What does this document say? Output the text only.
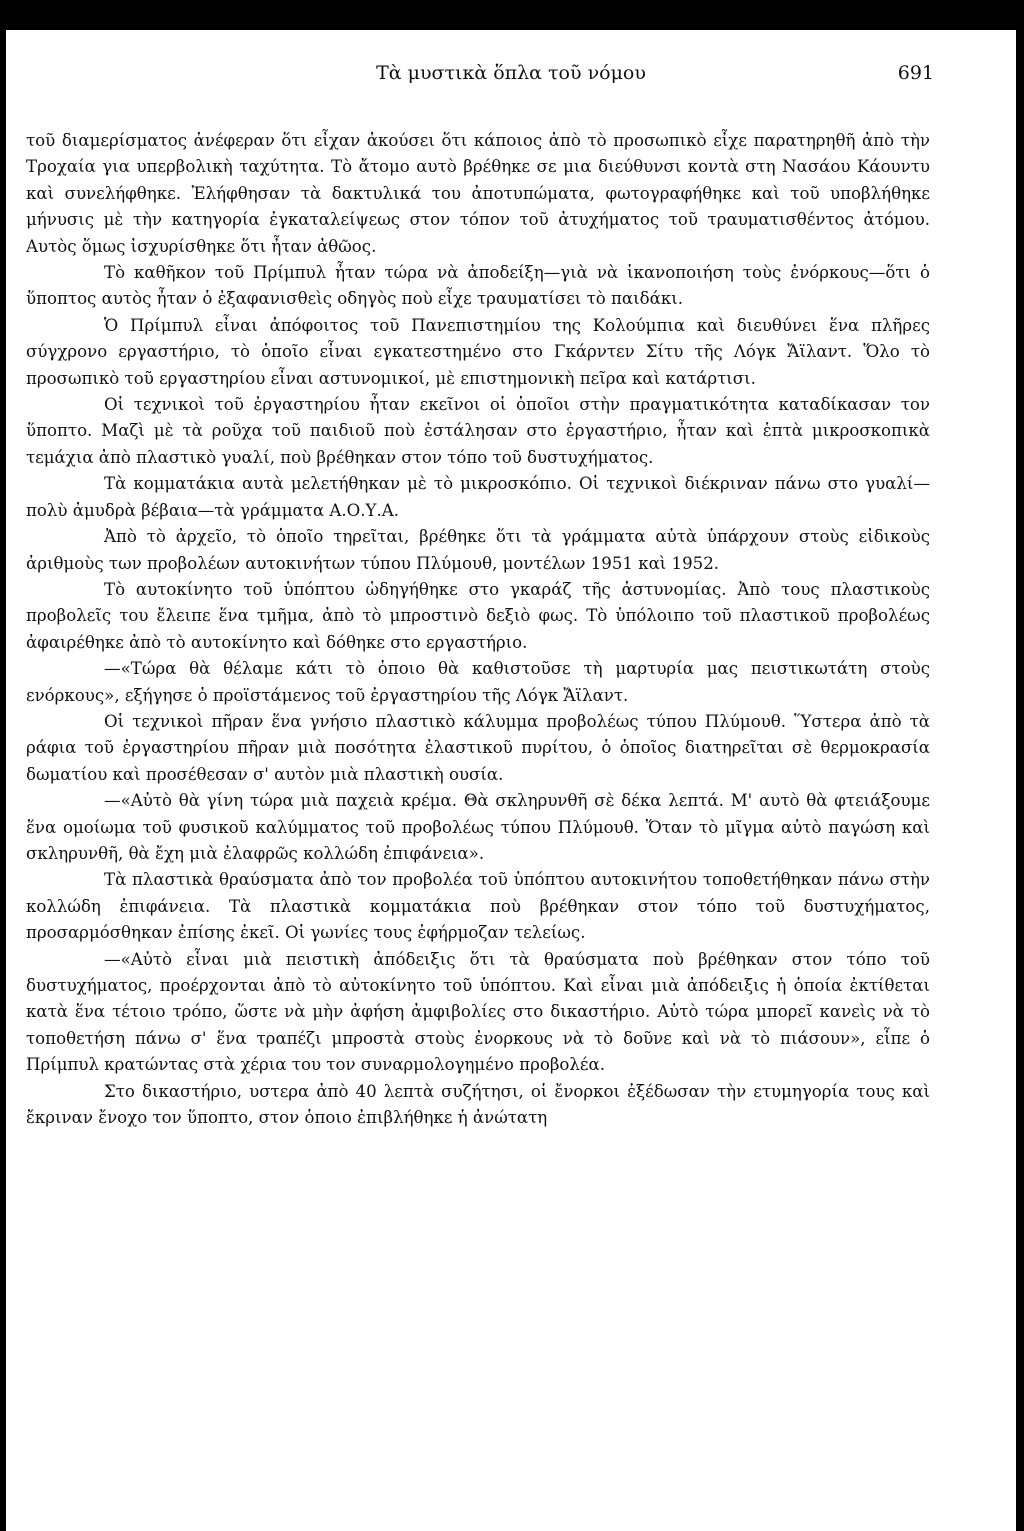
Τὰ μυστικὰ ὅπλα τοῦ νόμου	691

τοῦ διαμερίσματος ἀνέφεραν ὅτι εἶχαν ἀκούσει ὅτι κάποιος ἀπὸ τὸ προσωπικὸ εἶχε παρατηρηθῆ ἀπὸ τὴν Τροχαία για υπερβολικὴ ταχύτητα. Τὸ ἄτομο αυτὸ βρέθηκε σε μια διεύθυνσι κοντὰ στη Νασάου Κάουντυ καὶ συνελήφθηκε. Ἐλήφθησαν τὰ δακτυλικά του ἀποτυπώματα, φωτογραφήθηκε καὶ τοῦ υποβλήθηκε μήνυσις μὲ τὴν κατηγορία ἐγκαταλείψεως στον τόπον τοῦ ἀτυχήματος τοῦ τραυματισθέντος ἀτόμου. Αυτὸς ὅμως ἰσχυρίσθηκε ὅτι ἦταν ἀθῶος.

Τὸ καθῆκον τοῦ Πρίμπυλ ἦταν τώρα νὰ ἀποδείξη—γιὰ νὰ ἱκανοποιήση τοὺς ἐνόρκους—ὅτι ὁ ὕποπτος αυτὸς ἦταν ὁ ἐξαφανισθεὶς οδηγὸς ποὺ εἶχε τραυματίσει τὸ παιδάκι.

Ὁ Πρίμπυλ εἶναι ἀπόφοιτος τοῦ Πανεπιστημίου της Κολούμπια καὶ διευθύνει ἕνα πλῆρες σύγχρονο εργαστήριο, τὸ ὁποῖο εἶναι εγκατεστημένο στο Γκάρντεν Σίτυ τῆς Λόγκ Ἄϊλαντ. Ὅλο τὸ προσωπικὸ τοῦ εργαστηρίου εἶναι αστυνομικοί, μὲ επιστημονικὴ πεῖρα καὶ κατάρτισι.

Οἱ τεχνικοὶ τοῦ ἐργαστηρίου ἦταν εκεῖνοι οἱ ὁποῖοι στὴν πραγματικότητα καταδίκασαν τον ὕποπτο. Μαζὶ μὲ τὰ ροῦχα τοῦ παιδιοῦ ποὺ ἐστάλησαν στο ἐργαστήριο, ἦταν καὶ ἑπτὰ μικροσκοπικὰ τεμάχια ἀπὸ πλαστικὸ γυαλί, ποὺ βρέθηκαν στον τόπο τοῦ δυστυχήματος.

Τὰ κομματάκια αυτὰ μελετήθηκαν μὲ τὸ μικροσκόπιο. Οἱ τεχνικοὶ διέκριναν πάνω στο γυαλί—πολὺ ἀμυδρὰ βέβαια—τὰ γράμματα Α.Ο.Υ.Α.

Ἀπὸ τὸ ἀρχεῖο, τὸ ὁποῖο τηρεῖται, βρέθηκε ὅτι τὰ γράμματα αὐτὰ ὑπάρχουν στοὺς εἰδικοὺς ἀριθμοὺς των προβολέων αυτοκινήτων τύπου Πλύμουθ, μοντέλων 1951 καὶ 1952.

Τὸ αυτοκίνητο τοῦ ὑπόπτου ὡδηγήθηκε στο γκαράζ τῆς ἀστυνομίας. Ἀπὸ τους πλαστικοὺς προβολεῖς του ἔλειπε ἕνα τμῆμα, ἀπὸ τὸ μπροστινὸ δεξιὸ φως. Τὸ ὑπόλοιπο τοῦ πλαστικοῦ προβολέως ἀφαιρέθηκε ἀπὸ τὸ αυτοκίνητο καὶ δόθηκε στο εργαστήριο.

—«Τώρα θὰ θέλαμε κάτι τὸ ὁποιο θὰ καθιστοῦσε τὴ μαρτυρία μας πειστικωτάτη στοὺς ενόρκους», εξήγησε ὁ προϊστάμενος τοῦ ἐργαστηρίου τῆς Λόγκ Ἄϊλαντ.

Οἱ τεχνικοὶ πῆραν ἕνα γνήσιο πλαστικὸ κάλυμμα προβολέως τύπου Πλύμουθ. Ὕστερα ἀπὸ τὰ ράφια τοῦ ἐργαστηρίου πῆραν μιὰ ποσότητα ἐλαστικοῦ πυρίτου, ὁ ὁποῖος διατηρεῖται σὲ θερμοκρασία δωματίου καὶ προσέθεσαν σ' αυτὸν μιὰ πλαστικὴ ουσία.

—«Αὐτὸ θὰ γίνη τώρα μιὰ παχειὰ κρέμα. Θὰ σκληρυνθῆ σὲ δέκα λεπτά. Μ' αυτὸ θὰ φτειάξουμε ἕνα ομοίωμα τοῦ φυσικοῦ καλύμματος τοῦ προβολέως τύπου Πλύμουθ. Ὅταν τὸ μῖγμα αὐτὸ παγώση καὶ σκληρυνθῆ, θὰ ἔχη μιὰ ἐλαφρῶς κολλώδη ἐπιφάνεια».

Τὰ πλαστικὰ θραύσματα ἀπὸ τον προβολέα τοῦ ὑπόπτου αυτοκινήτου τοποθετήθηκαν πάνω στὴν κολλώδη ἐπιφάνεια. Τὰ πλαστικὰ κομματάκια ποὺ βρέθηκαν στον τόπο τοῦ δυστυχήματος, προσαρμόσθηκαν ἐπίσης ἐκεῖ. Οἱ γωνίες τους ἐφήρμοζαν τελείως.

—«Αὐτὸ εἶναι μιὰ πειστικὴ ἀπόδειξις ὅτι τὰ θραύσματα ποὺ βρέθηκαν στον τόπο τοῦ δυστυχήματος, προέρχονται ἀπὸ τὸ αὐτοκίνητο τοῦ ὑπόπτου. Καὶ εἶναι μιὰ ἀπόδειξις ἡ ὁποία ἐκτίθεται κατὰ ἕνα τέτοιο τρόπο, ὥστε νὰ μὴν ἀφήση ἀμφιβολίες στο δικαστήριο. Αὐτὸ τώρα μπορεῖ κανεὶς νὰ τὸ τοποθετήση πάνω σ' ἕνα τραπέζι μπροστὰ στοὺς ἐνορκους νὰ τὸ δοῦνε καὶ νὰ τὸ πιάσουν», εἶπε ὁ Πρίμπυλ κρατώντας στὰ χέρια του τον συναρμολογημένο προβολέα.

Στο δικαστήριο, υστερα ἀπὸ 40 λεπτὰ συζήτησι, οἱ ἔνορκοι ἐξέδωσαν τὴν ετυμηγορία τους καὶ ἔκριναν ἔνοχο τον ὕποπτο, στον ὁποιο ἐπιβλήθηκε ἡ ἀνώτατη
